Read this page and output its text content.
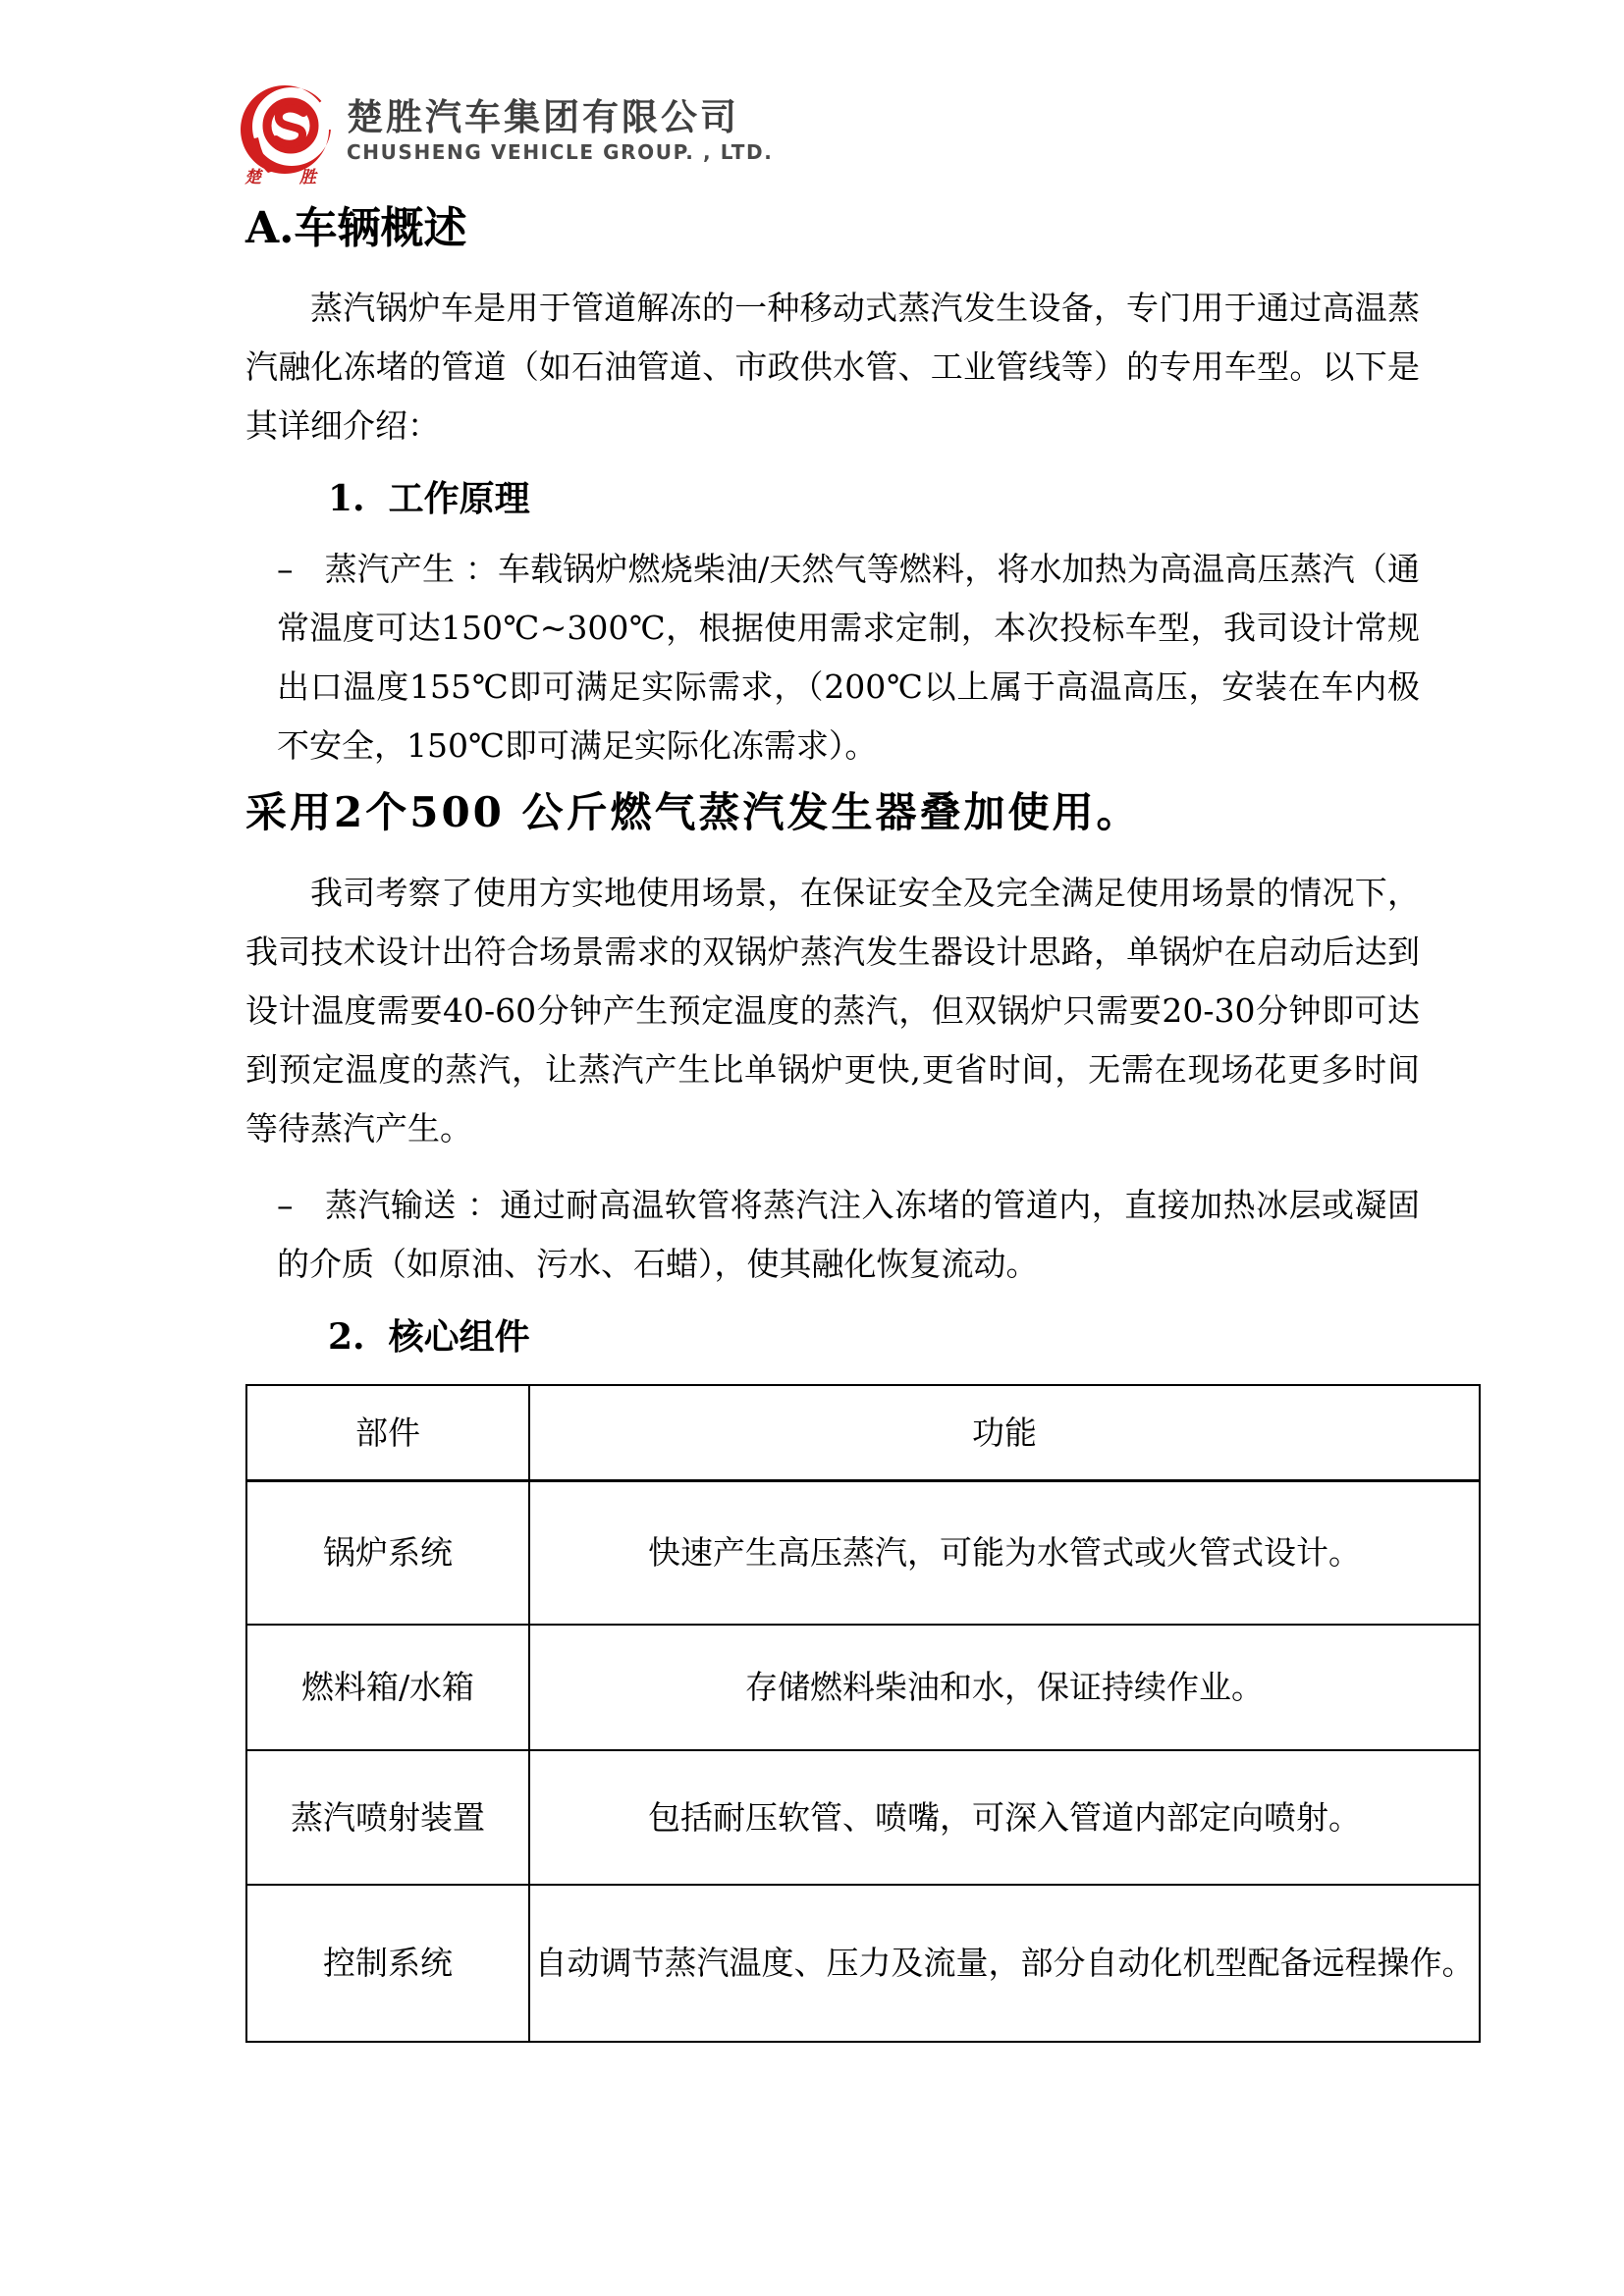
楚 胜
楚胜汽车集团有限公司
CHUSHENG VEHICLE GROUP. , LTD.
A.车辆概述

蒸汽锅炉车是用于管道解冻的一种移动式蒸汽发生设备，专门用于通过高温蒸汽融化冻堵的管道（如石油管道、市政供水管、工业管线等）的专用车型。以下是其详细介绍：

1. 工作原理
– 蒸汽产生 ：车载锅炉燃烧柴油/天然气等燃料，将水加热为高温高压蒸汽（通常温度可达150℃~300℃，根据使用需求定制，本次投标车型，我司设计常规出口温度155℃即可满足实际需求，（200℃以上属于高温高压，安装在车内极不安全，150℃即可满足实际化冻需求）。
采用2个500 公斤燃气蒸汽发生器叠加使用。

我司考察了使用方实地使用场景，在保证安全及完全满足使用场景的情况下，我司技术设计出符合场景需求的双锅炉蒸汽发生器设计思路，单锅炉在启动后达到设计温度需要40-60分钟产生预定温度的蒸汽，但双锅炉只需要20-30分钟即可达到预定温度的蒸汽，让蒸汽产生比单锅炉更快,更省时间，无需在现场花更多时间等待蒸汽产生。

– 蒸汽输送 ：通过耐高温软管将蒸汽注入冻堵的管道内，直接加热冰层或凝固的介质（如原油、污水、石蜡），使其融化恢复流动。
2. 核心组件
部件	功能
锅炉系统	快速产生高压蒸汽，可能为水管式或火管式设计。
燃料箱/水箱	存储燃料柴油和水，保证持续作业。
蒸汽喷射装置	包括耐压软管、喷嘴，可深入管道内部定向喷射。
控制系统	自动调节蒸汽温度、压力及流量，部分自动化机型配备远程操作。
